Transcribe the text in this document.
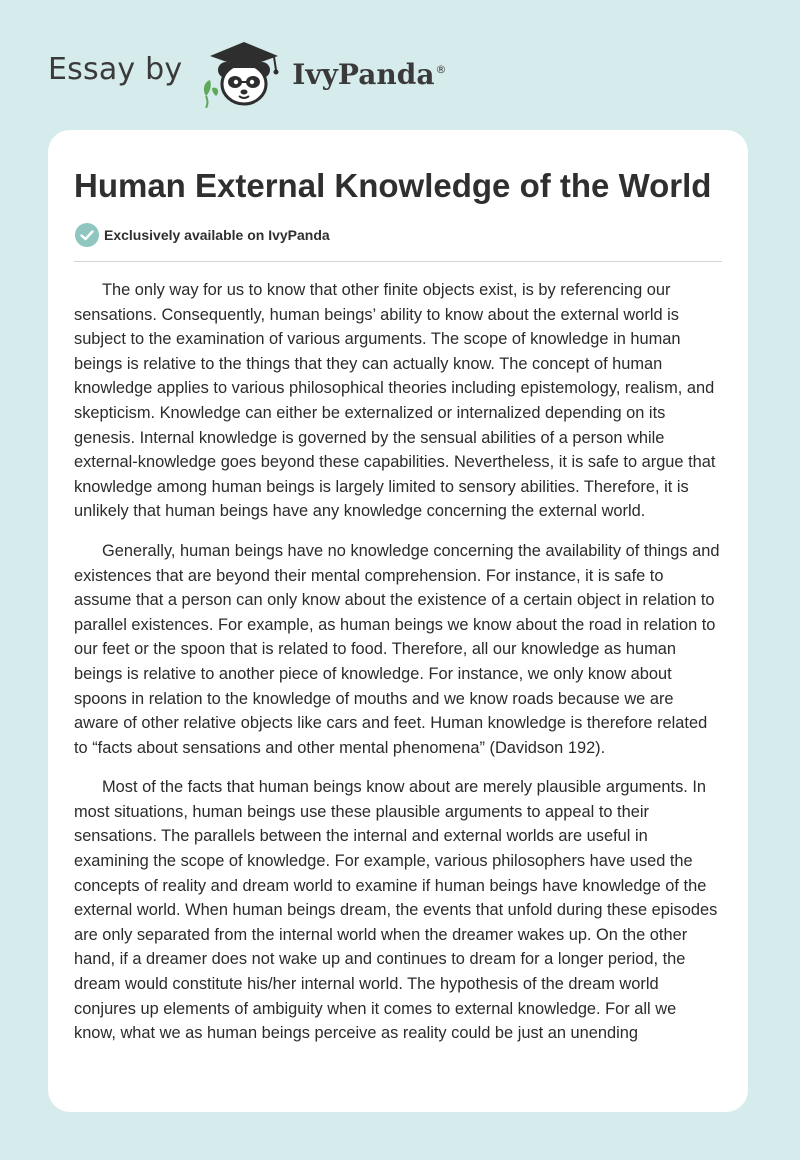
Essay by	IvyPanda®
Human External Knowledge of the World
Exclusively available on IvyPanda

The only way for us to know that other finite objects exist, is by referencing our sensations. Consequently, human beings’ ability to know about the external world is subject to the examination of various arguments. The scope of knowledge in human beings is relative to the things that they can actually know. The concept of human knowledge applies to various philosophical theories including epistemology, realism, and skepticism. Knowledge can either be externalized or internalized depending on its genesis. Internal knowledge is governed by the sensual abilities of a person while external-knowledge goes beyond these capabilities. Nevertheless, it is safe to argue that knowledge among human beings is largely limited to sensory abilities. Therefore, it is unlikely that human beings have any knowledge concerning the external world.

Generally, human beings have no knowledge concerning the availability of things and existences that are beyond their mental comprehension. For instance, it is safe to assume that a person can only know about the existence of a certain object in relation to parallel existences. For example, as human beings we know about the road in relation to our feet or the spoon that is related to food. Therefore, all our knowledge as human beings is relative to another piece of knowledge. For instance, we only know about spoons in relation to the knowledge of mouths and we know roads because we are aware of other relative objects like cars and feet. Human knowledge is therefore related to “facts about sensations and other mental phenomena” (Davidson 192).

Most of the facts that human beings know about are merely plausible arguments. In most situations, human beings use these plausible arguments to appeal to their sensations. The parallels between the internal and external worlds are useful in examining the scope of knowledge. For example, various philosophers have used the concepts of reality and dream world to examine if human beings have knowledge of the external world. When human beings dream, the events that unfold during these episodes are only separated from the internal world when the dreamer wakes up. On the other hand, if a dreamer does not wake up and continues to dream for a longer period, the dream would constitute his/her internal world. The hypothesis of the dream world conjures up elements of ambiguity when it comes to external knowledge. For all we know, what we as human beings perceive as reality could be just an unending
